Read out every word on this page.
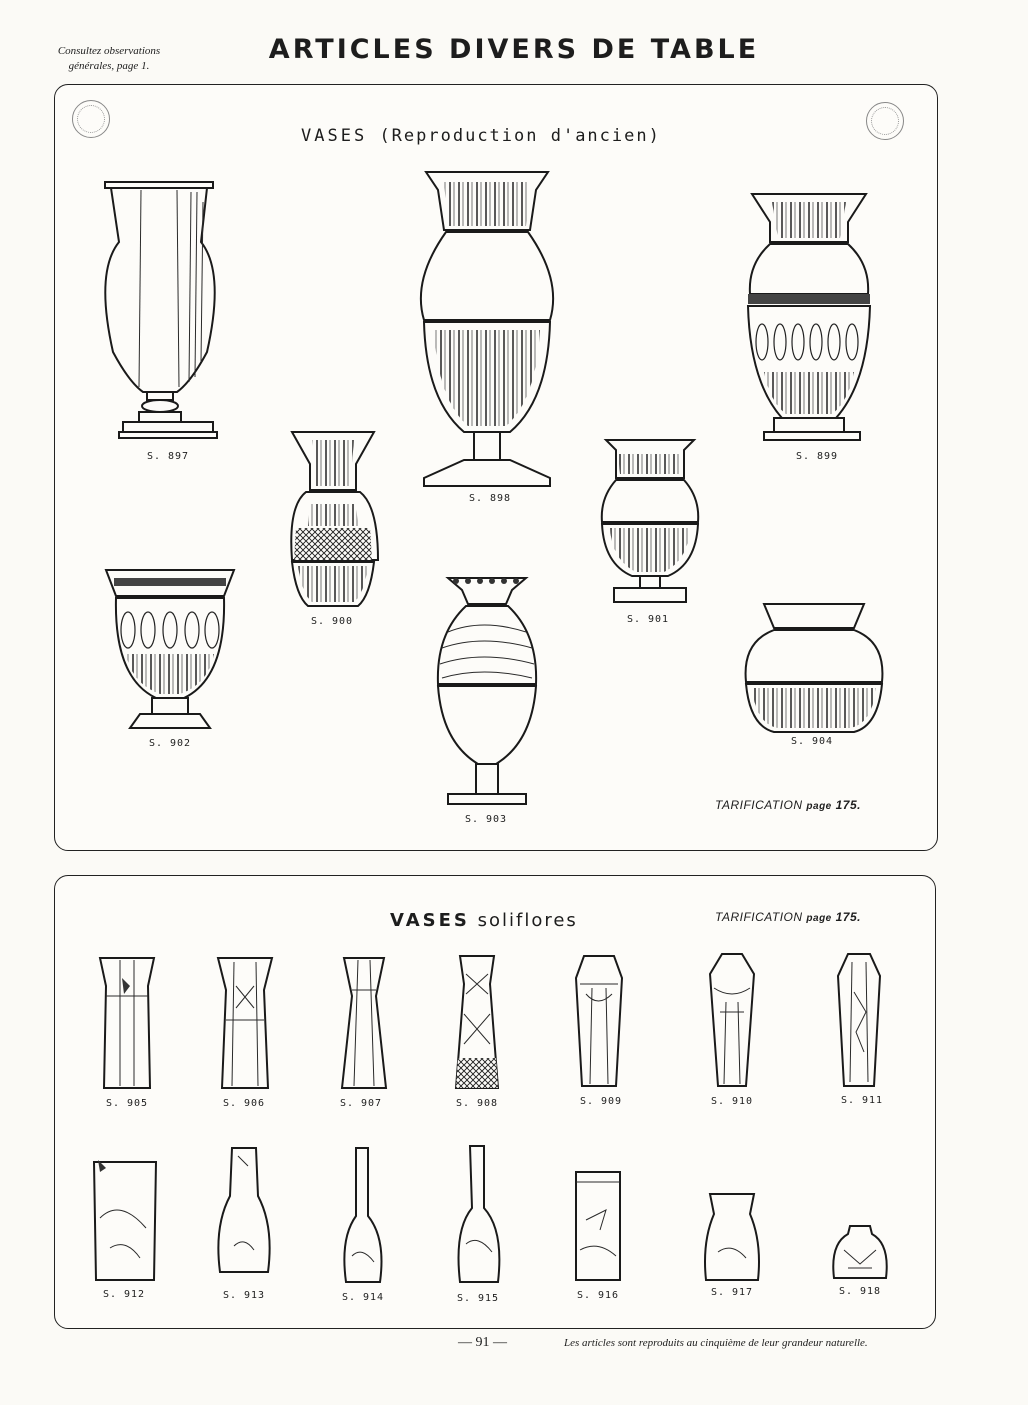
Consultez observations
générales, page 1.
ARTICLES DIVERS DE TABLE
VASES (Reproduction d'ancien)
S. 897
S. 898
S. 899
S. 900	S. 901
S. 902
S. 903
S. 904
TARIFICATION page 175.
VASES soliflores	TARIFICATION page 175.
S. 905	S. 906	S. 907	S. 908	S. 909	S. 910	S. 911
S. 912	S. 913	S. 914	S. 915	S. 916	S. 917	S. 918
— 91 —	Les articles sont reproduits au cinquième de leur grandeur naturelle.
